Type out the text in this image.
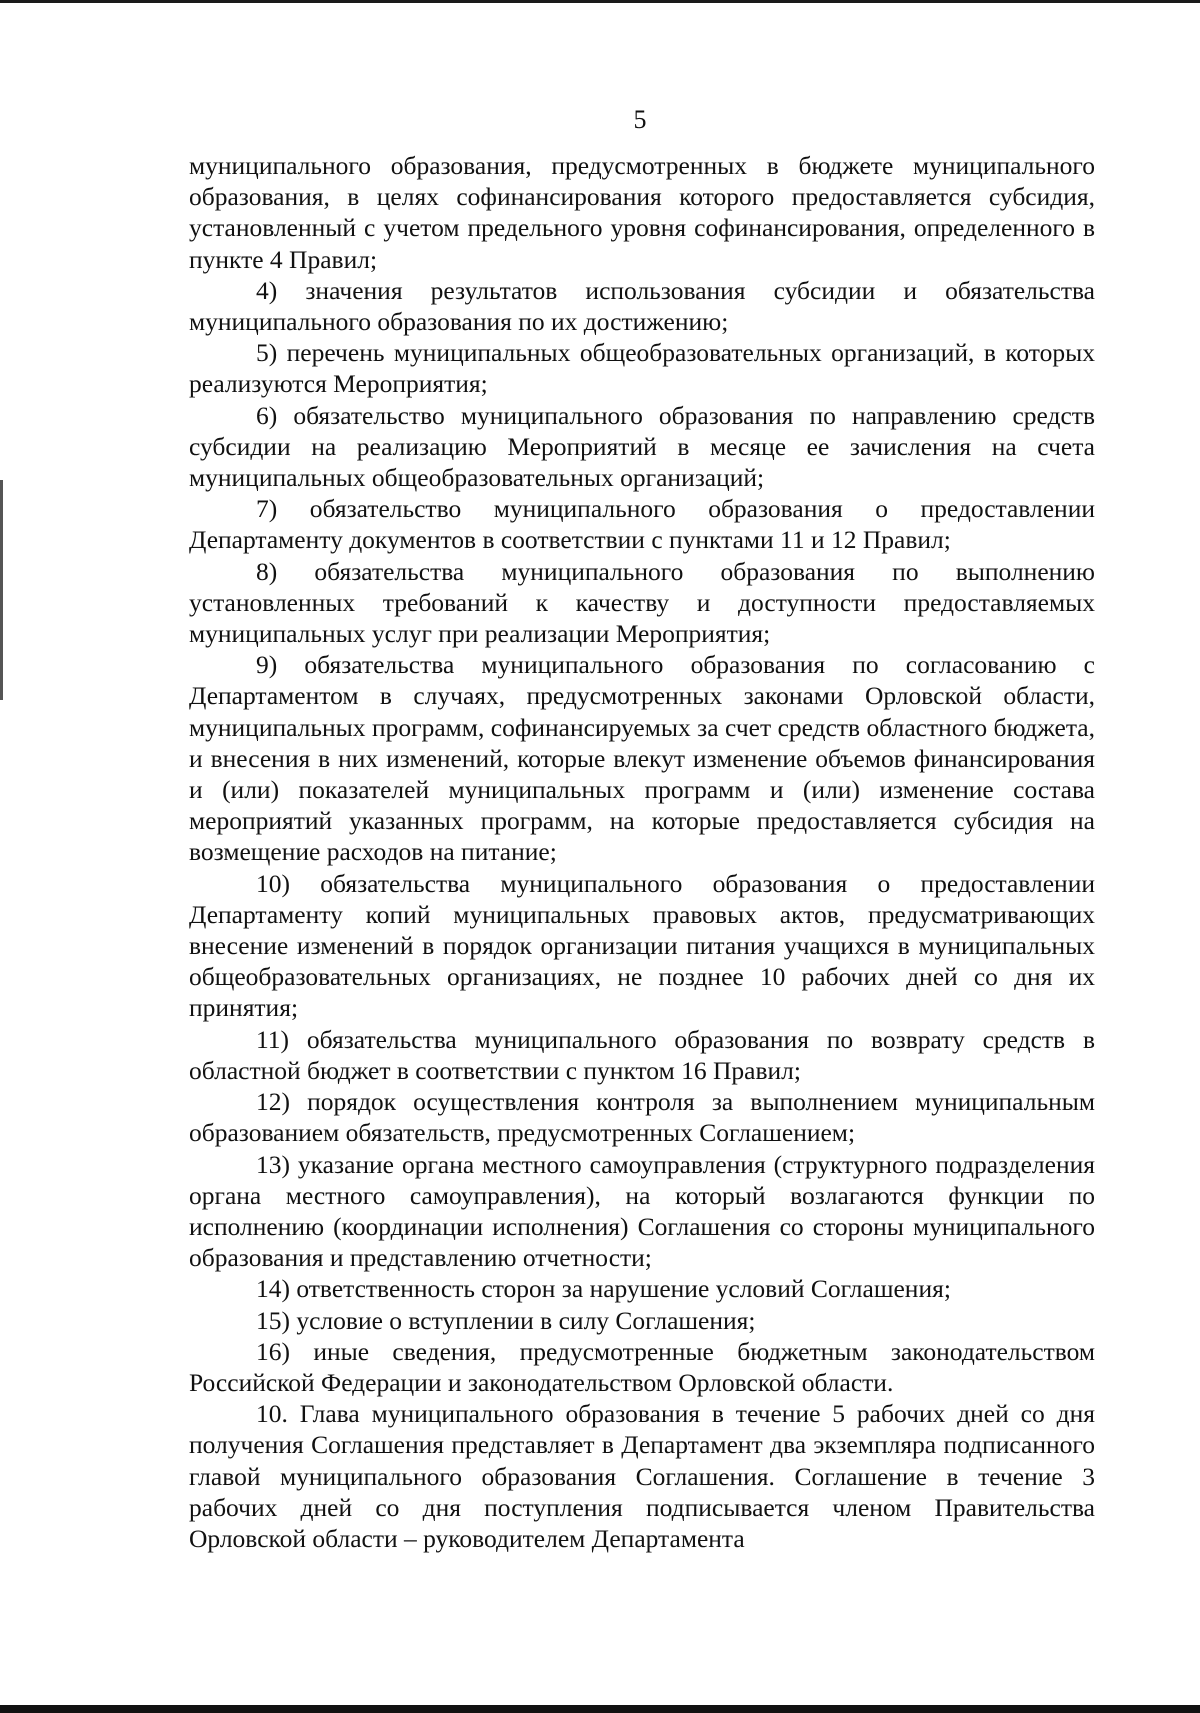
5

муниципального образования, предусмотренных в бюджете муниципального образования, в целях софинансирования которого предоставляется субсидия, установленный с учетом предельного уровня софинансирования, определенного в пункте 4 Правил;

4) значения результатов использования субсидии и обязательства муниципального образования по их достижению;

5) перечень муниципальных общеобразовательных организаций, в которых реализуются Мероприятия;

6) обязательство муниципального образования по направлению средств субсидии на реализацию Мероприятий в месяце ее зачисления на счета муниципальных общеобразовательных организаций;

7) обязательство муниципального образования о предоставлении Департаменту документов в соответствии с пунктами 11 и 12 Правил;

8) обязательства муниципального образования по выполнению установленных требований к качеству и доступности предоставляемых муниципальных услуг при реализации Мероприятия;

9) обязательства муниципального образования по согласованию с Департаментом в случаях, предусмотренных законами Орловской области, муниципальных программ, софинансируемых за счет средств областного бюджета, и внесения в них изменений, которые влекут изменение объемов финансирования и (или) показателей муниципальных программ и (или) изменение состава мероприятий указанных программ, на которые предоставляется субсидия на возмещение расходов на питание;

10) обязательства муниципального образования о предоставлении Департаменту копий муниципальных правовых актов, предусматривающих внесение изменений в порядок организации питания учащихся в муниципальных общеобразовательных организациях, не позднее 10 рабочих дней со дня их принятия;

11) обязательства муниципального образования по возврату средств в областной бюджет в соответствии с пунктом 16 Правил;

12) порядок осуществления контроля за выполнением муниципальным образованием обязательств, предусмотренных Соглашением;

13) указание органа местного самоуправления (структурного подразделения органа местного самоуправления), на который возлагаются функции по исполнению (координации исполнения) Соглашения со стороны муниципального образования и представлению отчетности;

14) ответственность сторон за нарушение условий Соглашения;

15) условие о вступлении в силу Соглашения;

16) иные сведения, предусмотренные бюджетным законодательством Российской Федерации и законодательством Орловской области.

10. Глава муниципального образования в течение 5 рабочих дней со дня получения Соглашения представляет в Департамент два экземпляра подписанного главой муниципального образования Соглашения. Соглашение в течение 3 рабочих дней со дня поступления подписывается членом Правительства Орловской области – руководителем Департамента
